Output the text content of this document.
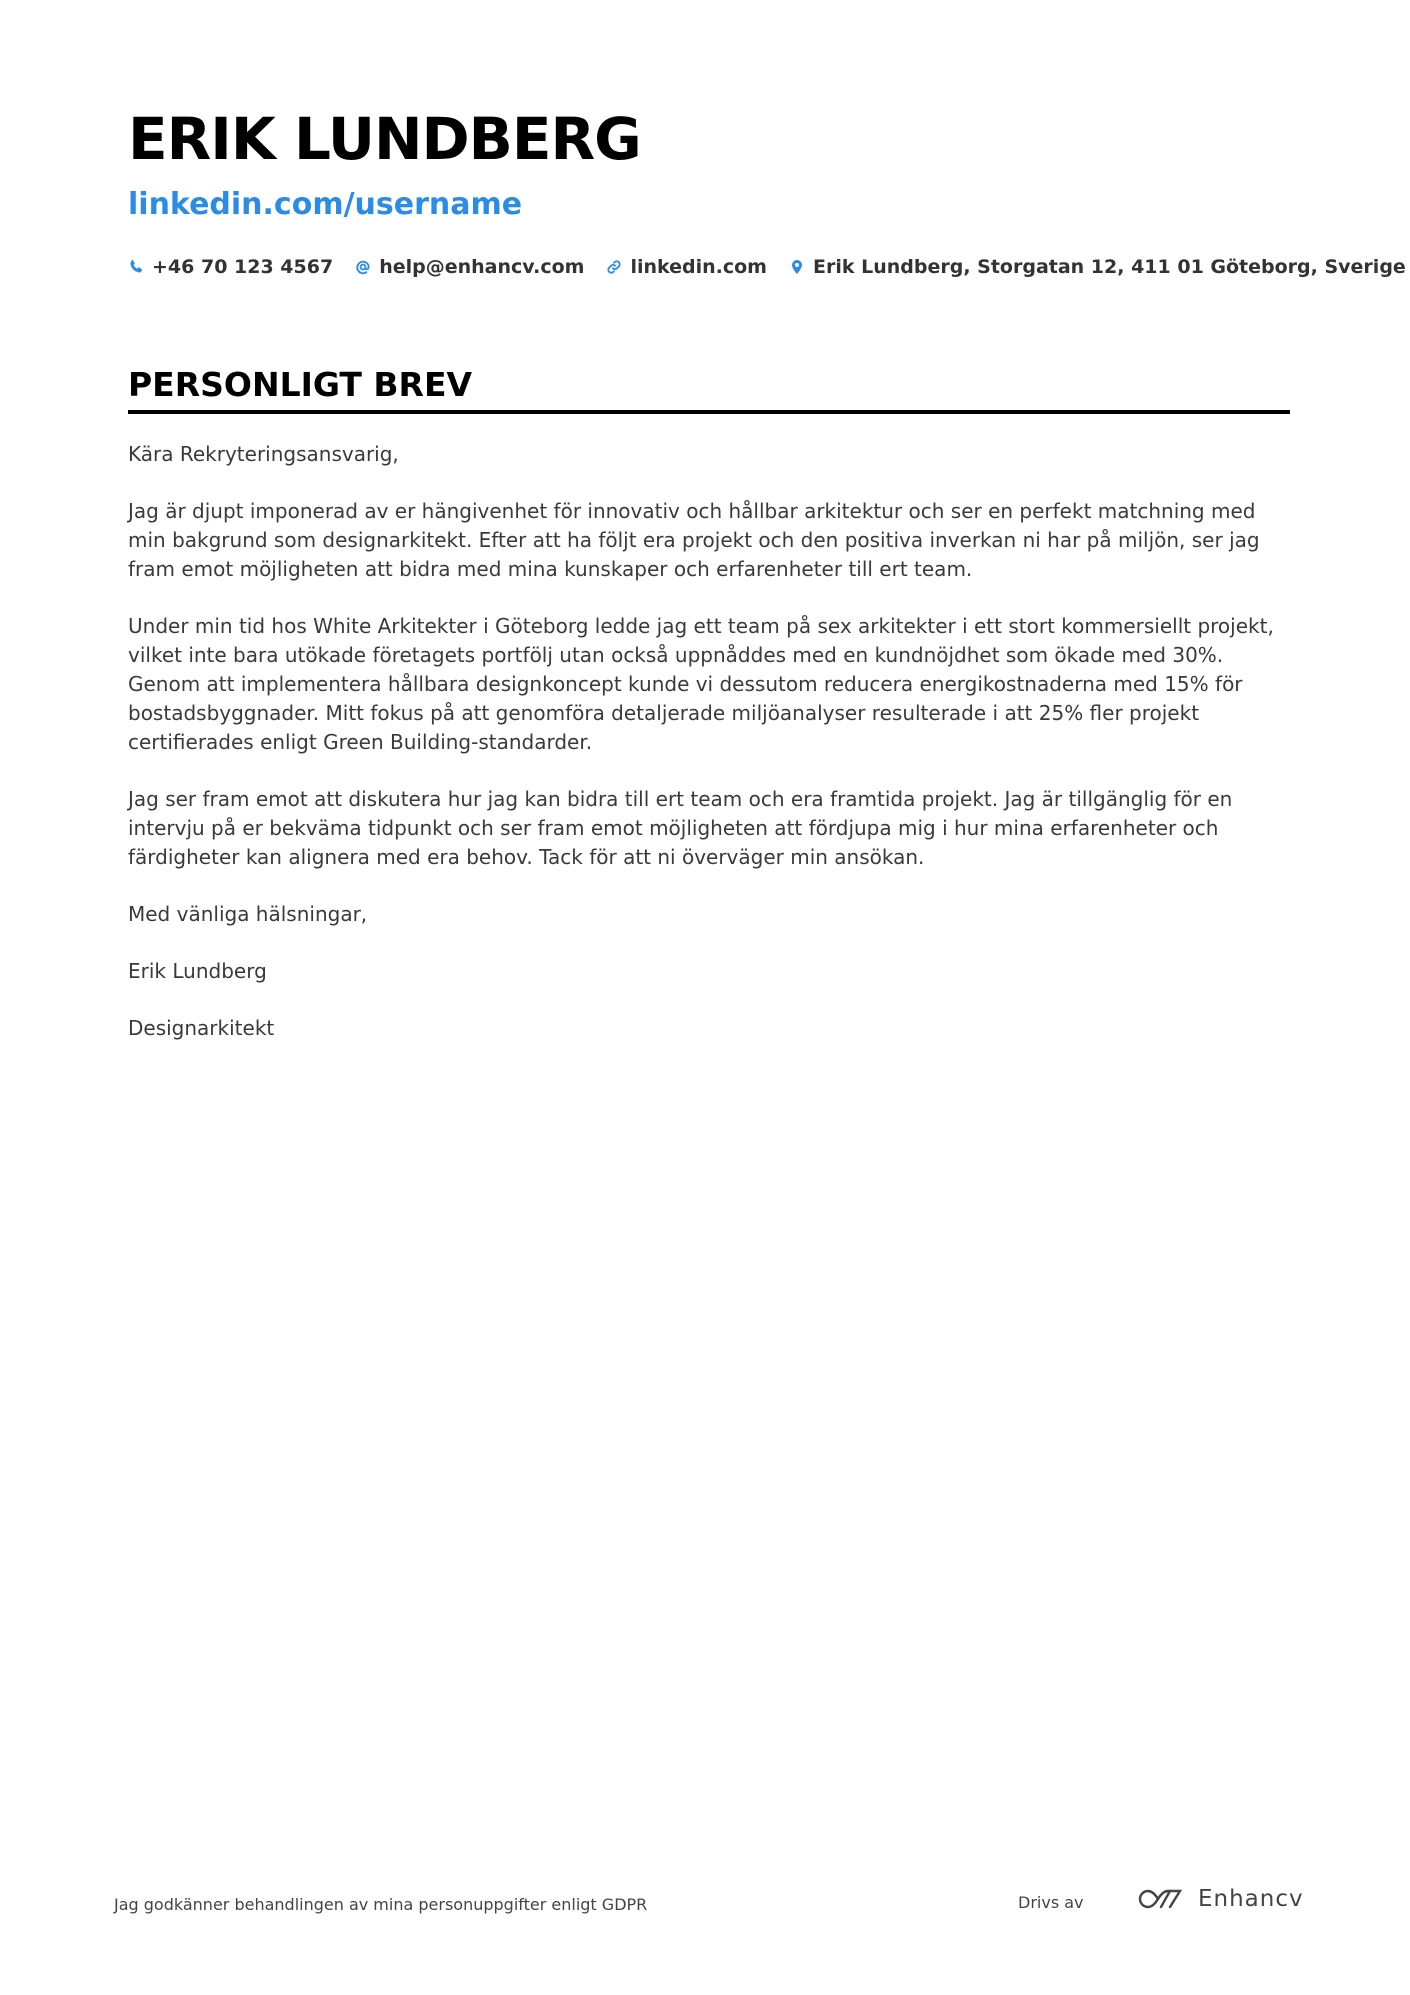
ERIK LUNDBERG
linkedin.com/username
+46 70 123 4567 help@enhancv.com linkedin.com Erik Lundberg, Storgatan 12, 411 01 Göteborg, Sverige
PERSONLIGT BREV

Kära Rekryteringsansvarig,

Jag är djupt imponerad av er hängivenhet för innovativ och hållbar arkitektur och ser en perfekt matchning med min bakgrund som designarkitekt. Efter att ha följt era projekt och den positiva inverkan ni har på miljön, ser jag fram emot möjligheten att bidra med mina kunskaper och erfarenheter till ert team.

Under min tid hos White Arkitekter i Göteborg ledde jag ett team på sex arkitekter i ett stort kommersiellt projekt, vilket inte bara utökade företagets portfölj utan också uppnåddes med en kundnöjdhet som ökade med 30%. Genom att implementera hållbara designkoncept kunde vi dessutom reducera energikostnaderna med 15% för bostadsbyggnader. Mitt fokus på att genomföra detaljerade miljöanalyser resulterade i att 25% fler projekt certifierades enligt Green Building-standarder.

Jag ser fram emot att diskutera hur jag kan bidra till ert team och era framtida projekt. Jag är tillgänglig för en intervju på er bekväma tidpunkt och ser fram emot möjligheten att fördjupa mig i hur mina erfarenheter och färdigheter kan alignera med era behov. Tack för att ni överväger min ansökan.

Med vänliga hälsningar,

Erik Lundberg

Designarkitekt

Jag godkänner behandlingen av mina personuppgifter enligt GDPR	Drivs av	Enhancv
